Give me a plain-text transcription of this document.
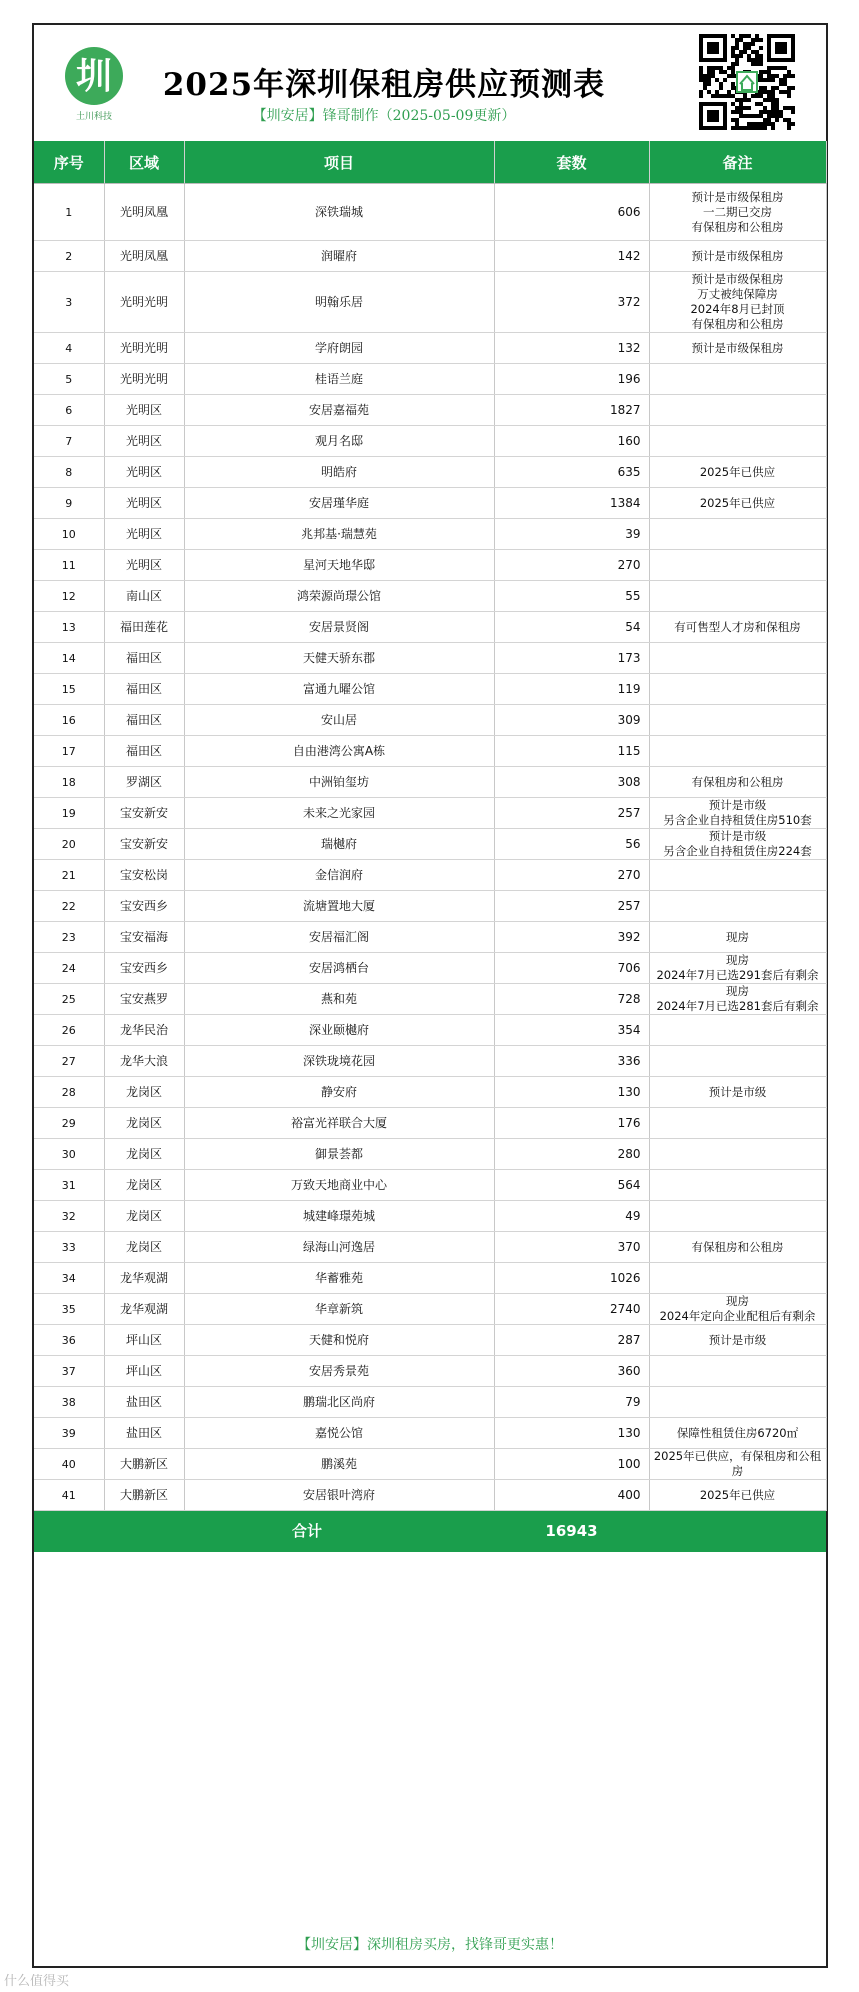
圳
土川科技
2025年深圳保租房供应预测表
【圳安居】锋哥制作（2025-05-09更新）
序号	区域	项目	套数	备注
1	光明凤凰	深铁瑞城	606	预计是市级保租房
一二期已交房
有保租房和公租房

2	光明凤凰	润曜府	142	预计是市级保租房

3	光明光明	明翰乐居	372	预计是市级保租房
万丈被纯保障房
2024年8月已封顶
有保租房和公租房

4	光明光明	学府朗园	132	预计是市级保租房

5	光明光明	桂语兰庭	196	
6	光明区	安居嘉福苑	1827	
7	光明区	观月名邸	160	
8	光明区	明皓府	635	2025年已供应

9	光明区	安居瑾华庭	1384	2025年已供应

10	光明区	兆邦基·瑞慧苑	39	
11	光明区	星河天地华邸	270	
12	南山区	鸿荣源尚璟公馆	55	
13	福田莲花	安居景贤阁	54	有可售型人才房和保租房

14	福田区	天健天骄东郡	173	
15	福田区	富通九曜公馆	119	
16	福田区	安山居	309	
17	福田区	自由港湾公寓A栋	115	
18	罗湖区	中洲铂玺坊	308	有保租房和公租房

19	宝安新安	未来之光家园	257	预计是市级
另含企业自持租赁住房510套

20	宝安新安	瑞樾府	56	预计是市级
另含企业自持租赁住房224套

21	宝安松岗	金信润府	270	
22	宝安西乡	流塘置地大厦	257	
23	宝安福海	安居福汇阁	392	现房

24	宝安西乡	安居鸿栖台	706	现房
2024年7月已选291套后有剩余

25	宝安燕罗	燕和苑	728	现房
2024年7月已选281套后有剩余

26	龙华民治	深业颐樾府	354	
27	龙华大浪	深铁珑境花园	336	
28	龙岗区	静安府	130	预计是市级

29	龙岗区	裕富光祥联合大厦	176	
30	龙岗区	御景荟都	280	
31	龙岗区	万致天地商业中心	564	
32	龙岗区	城建峰璟苑城	49	
33	龙岗区	绿海山河逸居	370	有保租房和公租房

34	龙华观湖	华蓄雅苑	1026	
35	龙华观湖	华章新筑	2740	现房
2024年定向企业配租后有剩余

36	坪山区	天健和悦府	287	预计是市级

37	坪山区	安居秀景苑	360	
38	盐田区	鹏瑞北区尚府	79	
39	盐田区	嘉悦公馆	130	保障性租赁住房6720㎡

40	大鹏新区	鹏溪苑	100	2025年已供应，有保租房和公租房

41	大鹏新区	安居银叶湾府	400	2025年已供应

合计			16943	
【圳安居】深圳租房买房，找锋哥更实惠！
什么值得买
